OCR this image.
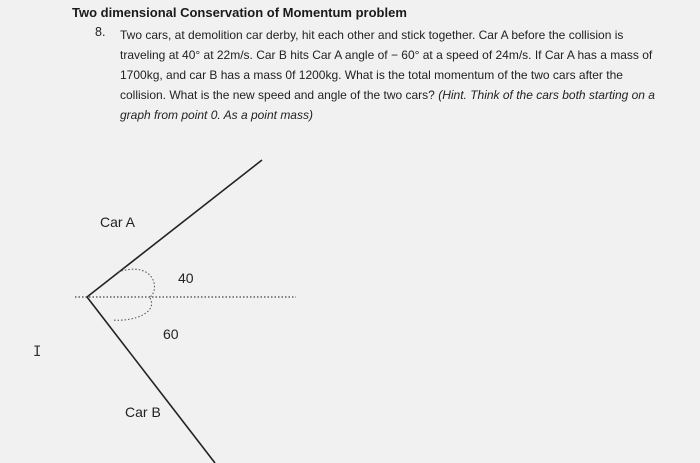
Two dimensional Conservation of Momentum problem
8. Two cars, at demolition car derby, hit each other and stick together. Car A before the collision is traveling at 40° at 22m/s. Car B hits Car A angle of − 60° at a speed of 24m/s. If Car A has a mass of 1700kg, and car B has a mass 0f 1200kg. What is the total momentum of the two cars after the collision. What is the new speed and angle of the two cars? (Hint. Think of the cars both starting on a graph from point 0. As a point mass)
Car A
40
60
Car B
I
